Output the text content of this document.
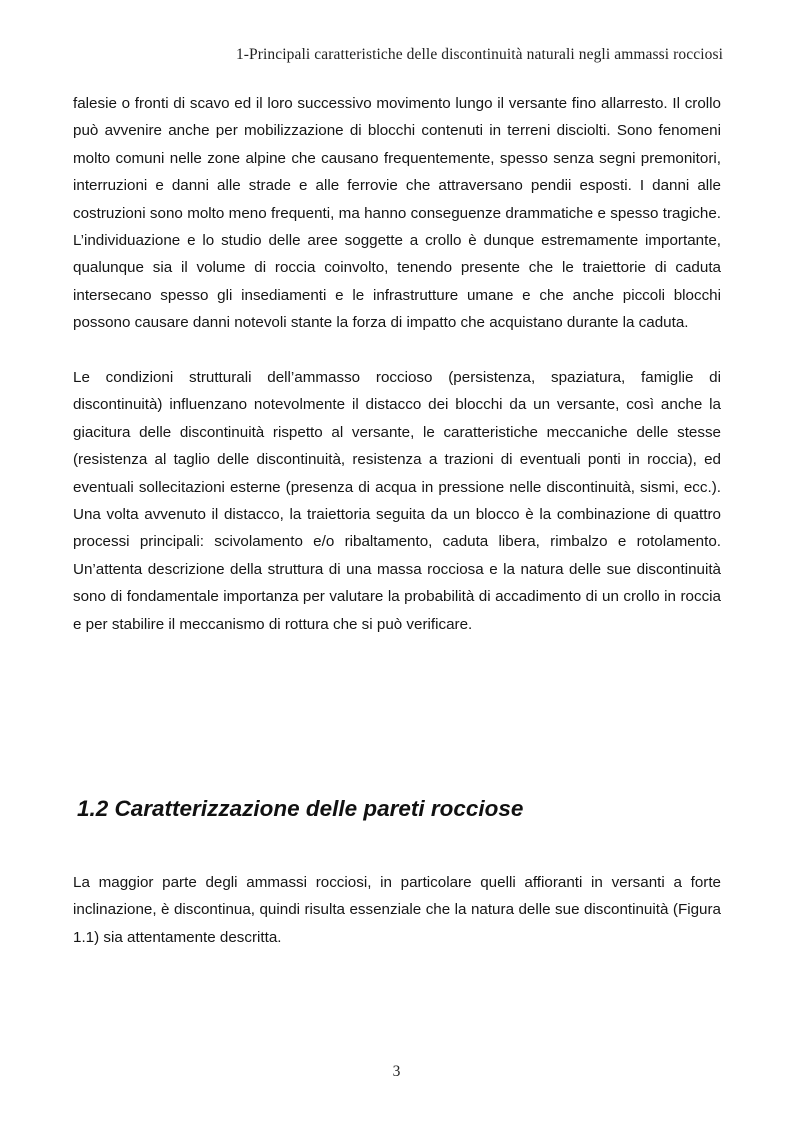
1-Principali caratteristiche delle discontinuità naturali negli ammassi rocciosi

falesie o fronti di scavo ed il loro successivo movimento lungo il versante fino allarresto. Il crollo può avvenire anche per mobilizzazione di blocchi contenuti in terreni disciolti. Sono fenomeni molto comuni nelle zone alpine che causano frequentemente, spesso senza segni premonitori, interruzioni e danni alle strade e alle ferrovie che attraversano pendii esposti. I danni alle costruzioni sono molto meno frequenti, ma hanno conseguenze drammatiche e spesso tragiche. L’individuazione e lo studio delle aree soggette a crollo è dunque estremamente importante, qualunque sia il volume di roccia coinvolto, tenendo presente che le traiettorie di caduta intersecano spesso gli insediamenti e le infrastrutture umane e che anche piccoli blocchi possono causare danni notevoli stante la forza di impatto che acquistano durante la caduta.

Le condizioni strutturali dell’ammasso roccioso (persistenza, spaziatura, famiglie di discontinuità) influenzano notevolmente il distacco dei blocchi da un versante, così anche la giacitura delle discontinuità rispetto al versante, le caratteristiche meccaniche delle stesse (resistenza al taglio delle discontinuità, resistenza a trazioni di eventuali ponti in roccia), ed eventuali sollecitazioni esterne (presenza di acqua in pressione nelle discontinuità, sismi, ecc.). Una volta avvenuto il distacco, la traiettoria seguita da un blocco è la combinazione di quattro processi principali: scivolamento e/o ribaltamento, caduta libera, rimbalzo e rotolamento. Un’attenta descrizione della struttura di una massa rocciosa e la natura delle sue discontinuità sono di fondamentale importanza per valutare la probabilità di accadimento di un crollo in roccia e per stabilire il meccanismo di rottura che si può verificare.

1.2 Caratterizzazione delle pareti rocciose

La maggior parte degli ammassi rocciosi, in particolare quelli affioranti in versanti a forte inclinazione, è discontinua, quindi risulta essenziale che la natura delle sue discontinuità (Figura 1.1) sia attentamente descritta.

3
